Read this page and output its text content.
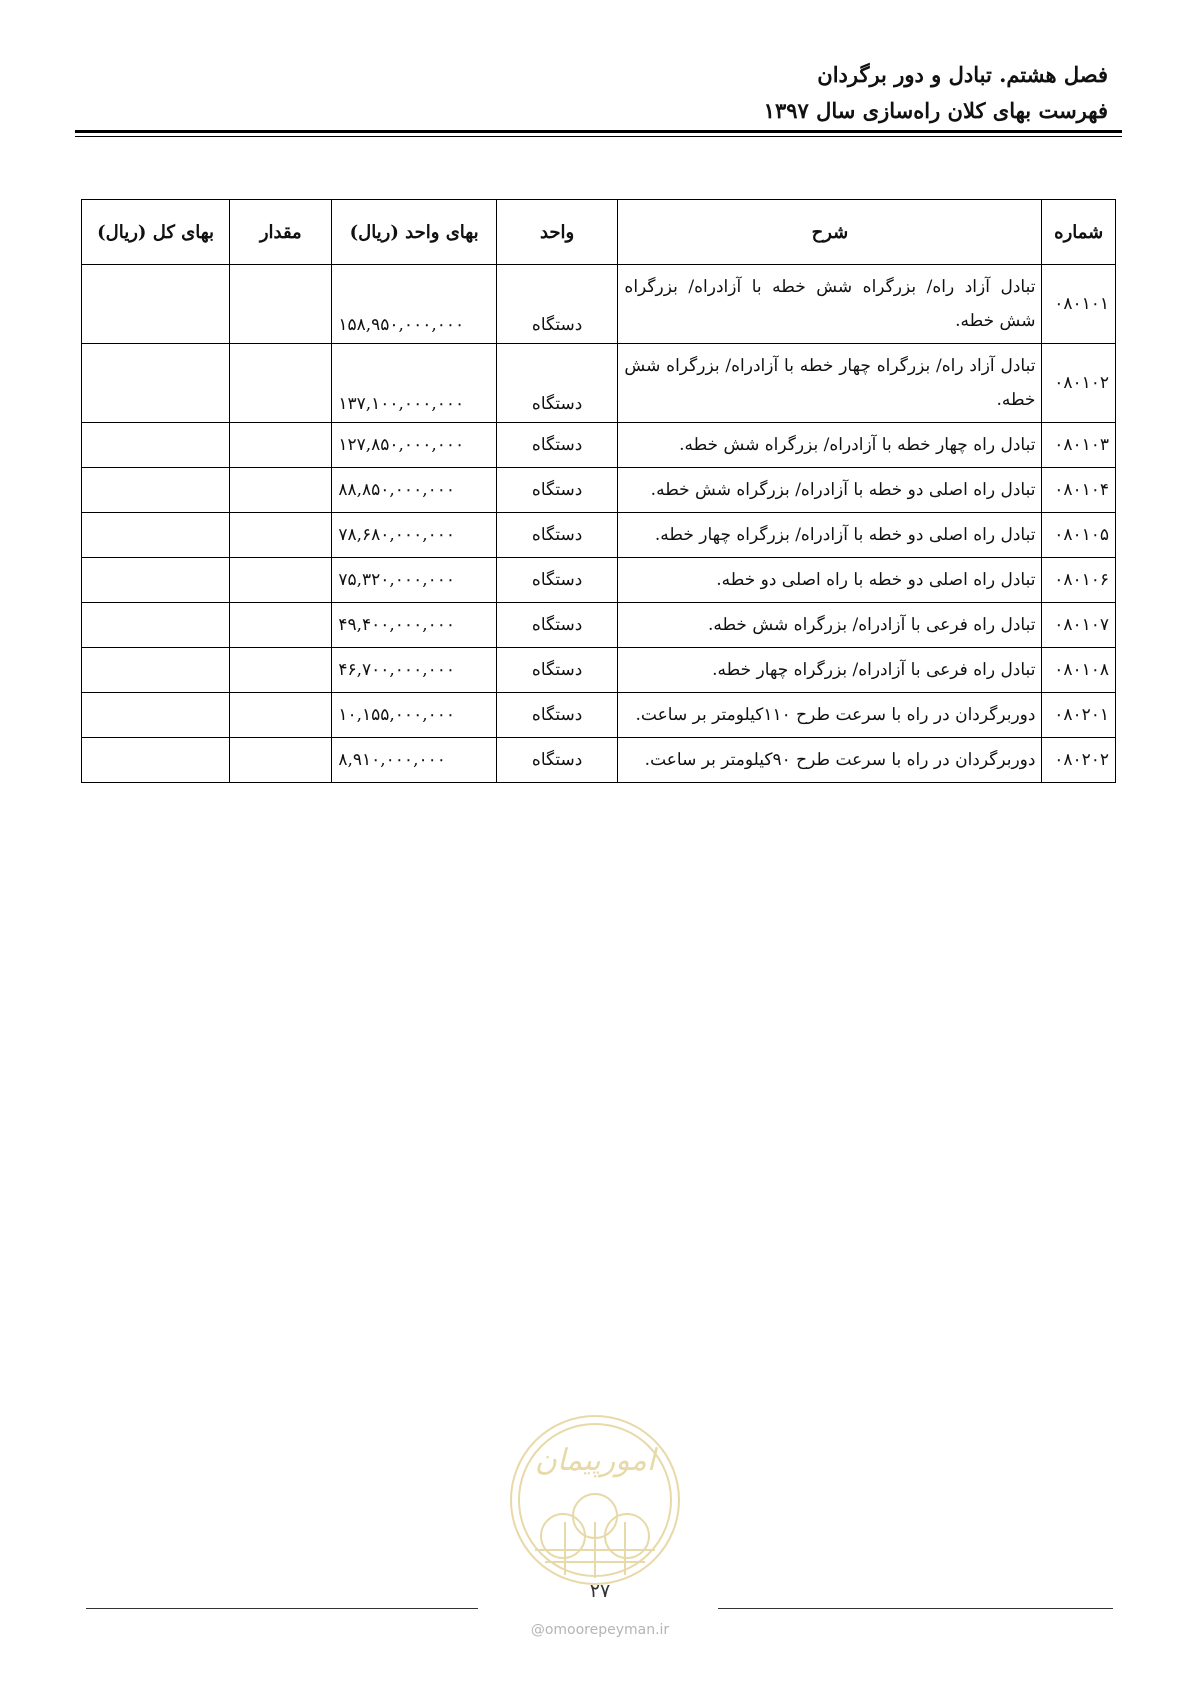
فصل هشتم. تبادل و دور برگردان
فهرست بهای کلان راه‌سازی سال ۱۳۹۷
شماره	شرح	واحد	بهای واحد (ریال)	مقدار	بهای کل (ریال)
۰۸۰۱۰۱	تبادل آزاد راه/ بزرگراه شش خطه با آزادراه/ بزرگراه شش خطه.	دستگاه	۱۵۸,۹۵۰,۰۰۰,۰۰۰		
۰۸۰۱۰۲	تبادل آزاد راه/ بزرگراه چهار خطه با آزادراه/ بزرگراه شش خطه.	دستگاه	۱۳۷,۱۰۰,۰۰۰,۰۰۰		
۰۸۰۱۰۳	تبادل راه چهار خطه با آزادراه/ بزرگراه شش خطه.	دستگاه	۱۲۷,۸۵۰,۰۰۰,۰۰۰		
۰۸۰۱۰۴	تبادل راه اصلی دو خطه با آزادراه/ بزرگراه شش خطه.	دستگاه	۸۸,۸۵۰,۰۰۰,۰۰۰		
۰۸۰۱۰۵	تبادل راه اصلی دو خطه با آزادراه/ بزرگراه چهار خطه.	دستگاه	۷۸,۶۸۰,۰۰۰,۰۰۰		
۰۸۰۱۰۶	تبادل راه اصلی دو خطه با راه اصلی دو خطه.	دستگاه	۷۵,۳۲۰,۰۰۰,۰۰۰		
۰۸۰۱۰۷	تبادل راه فرعی با آزادراه/ بزرگراه شش خطه.	دستگاه	۴۹,۴۰۰,۰۰۰,۰۰۰		
۰۸۰۱۰۸	تبادل راه فرعی با آزادراه/ بزرگراه چهار خطه.	دستگاه	۴۶,۷۰۰,۰۰۰,۰۰۰		
۰۸۰۲۰۱	دوربرگردان در راه با سرعت طرح ۱۱۰کیلومتر بر ساعت.	دستگاه	۱۰,۱۵۵,۰۰۰,۰۰۰		
۰۸۰۲۰۲	دوربرگردان در راه با سرعت طرح ۹۰کیلومتر بر ساعت.	دستگاه	۸,۹۱۰,۰۰۰,۰۰۰		
امورپیمان
۲۷
@omoorepeyman.ir
